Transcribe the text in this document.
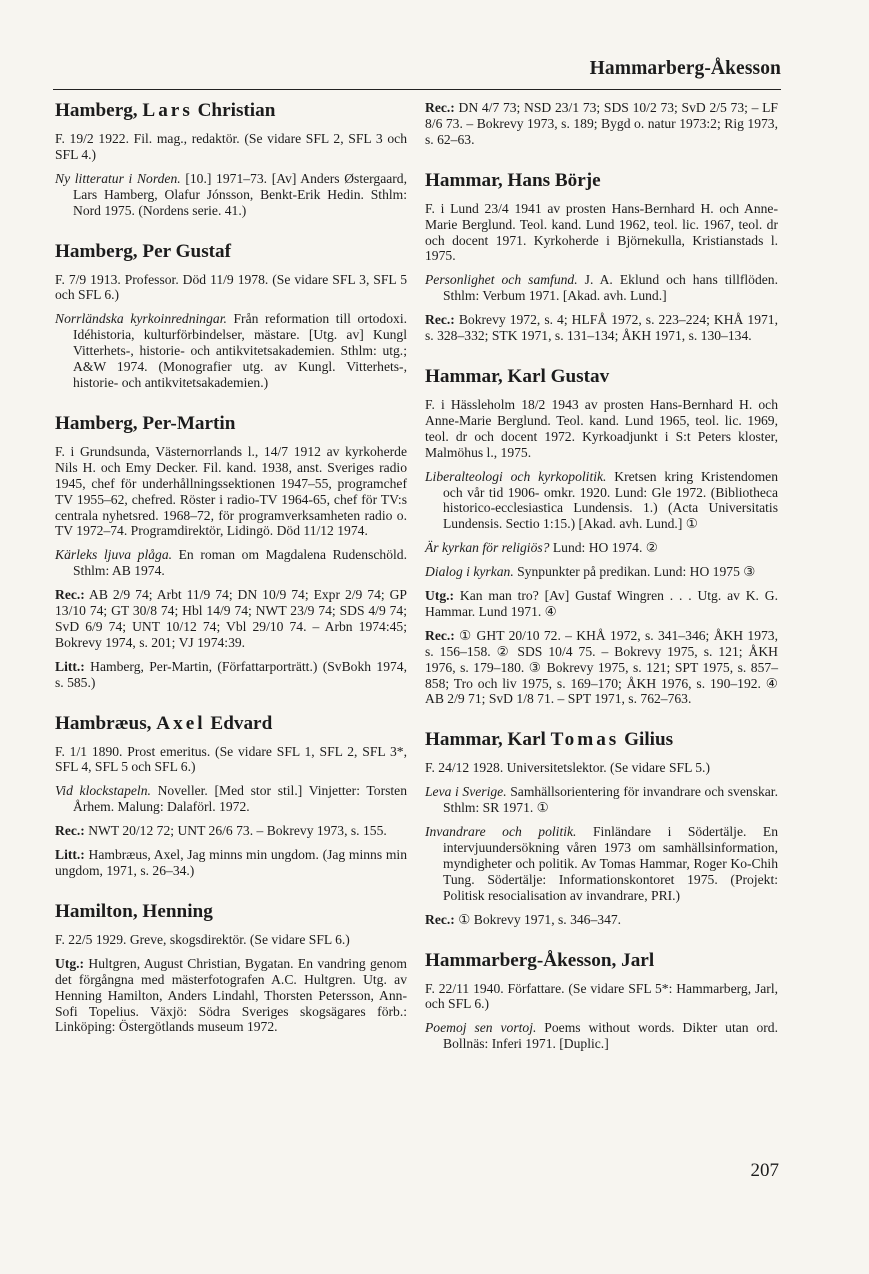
Hammarberg-Åkesson
Hamberg, Lars Christian

F. 19/2 1922. Fil. mag., redaktör. (Se vidare SFL 2, SFL 3 och SFL 4.)

Ny litteratur i Norden. [10.] 1971–73. [Av] Anders Østergaard, Lars Hamberg, Olafur Jónsson, Benkt-Erik Hedin. Sthlm: Nord 1975. (Nordens serie. 41.)

Hamberg, Per Gustaf

F. 7/9 1913. Professor. Död 11/9 1978. (Se vidare SFL 3, SFL 5 och SFL 6.)

Norrländska kyrkoinredningar. Från reformation till ortodoxi. Idéhistoria, kulturförbindelser, mästare. [Utg. av] Kungl Vitterhets-, historie- och antikvitetsakademien. Sthlm: utg.; A&W 1974. (Monografier utg. av Kungl. Vitterhets-, historie- och antikvitetsakademien.)

Hamberg, Per-Martin

F. i Grundsunda, Västernorrlands l., 14/7 1912 av kyrkoherde Nils H. och Emy Decker. Fil. kand. 1938, anst. Sveriges radio 1945, chef för underhållningssektionen 1947–55, programchef TV 1955–62, chefred. Röster i radio-TV 1964-65, chef för TV:s centrala nyhetsred. 1968–72, för programverksamheten radio o. TV 1972–74. Programdirektör, Lidingö. Död 11/12 1974.

Kärleks ljuva plåga. En roman om Magdalena Rudenschöld. Sthlm: AB 1974.

Rec.: AB 2/9 74; Arbt 11/9 74; DN 10/9 74; Expr 2/9 74; GP 13/10 74; GT 30/8 74; Hbl 14/9 74; NWT 23/9 74; SDS 4/9 74; SvD 6/9 74; UNT 10/12 74; Vbl 29/10 74. – Arbn 1974:45; Bokrevy 1974, s. 201; VJ 1974:39.

Litt.: Hamberg, Per-Martin, (Författarporträtt.) (SvBokh 1974, s. 585.)

Hambræus, Axel Edvard

F. 1/1 1890. Prost emeritus. (Se vidare SFL 1, SFL 2, SFL 3*, SFL 4, SFL 5 och SFL 6.)

Vid klockstapeln. Noveller. [Med stor stil.] Vinjetter: Torsten Århem. Malung: Dalaförl. 1972.

Rec.: NWT 20/12 72; UNT 26/6 73. – Bokrevy 1973, s. 155.

Litt.: Hambræus, Axel, Jag minns min ungdom. (Jag minns min ungdom, 1971, s. 26–34.)

Hamilton, Henning

F. 22/5 1929. Greve, skogsdirektör. (Se vidare SFL 6.)

Utg.: Hultgren, August Christian, Bygatan. En vandring genom det förgångna med mästerfotografen A.C. Hultgren. Utg. av Henning Hamilton, Anders Lindahl, Thorsten Petersson, Ann-Sofi Topelius. Växjö: Södra Sveriges skogsägares förb.: Linköping: Östergötlands museum 1972.

Rec.: DN 4/7 73; NSD 23/1 73; SDS 10/2 73; SvD 2/5 73; – LF 8/6 73. – Bokrevy 1973, s. 189; Bygd o. natur 1973:2; Rig 1973, s. 62–63.

Hammar, Hans Börje

F. i Lund 23/4 1941 av prosten Hans-Bernhard H. och Anne-Marie Berglund. Teol. kand. Lund 1962, teol. lic. 1967, teol. dr och docent 1971. Kyrkoherde i Björnekulla, Kristianstads l. 1975.

Personlighet och samfund. J. A. Eklund och hans tillflöden. Sthlm: Verbum 1971. [Akad. avh. Lund.]

Rec.: Bokrevy 1972, s. 4; HLFÅ 1972, s. 223–224; KHÅ 1971, s. 328–332; STK 1971, s. 131–134; ÅKH 1971, s. 130–134.

Hammar, Karl Gustav

F. i Hässleholm 18/2 1943 av prosten Hans-Bernhard H. och Anne-Marie Berglund. Teol. kand. Lund 1965, teol. lic. 1969, teol. dr och docent 1972. Kyrkoadjunkt i S:t Peters kloster, Malmöhus l., 1975.

Liberalteologi och kyrkopolitik. Kretsen kring Kristendomen och vår tid 1906- omkr. 1920. Lund: Gle 1972. (Bibliotheca historico-ecclesiastica Lundensis. 1.) (Acta Universitatis Lundensis. Sectio 1:15.) [Akad. avh. Lund.] ①

Är kyrkan för religiös? Lund: HO 1974. ②

Dialog i kyrkan. Synpunkter på predikan. Lund: HO 1975 ③

Utg.: Kan man tro? [Av] Gustaf Wingren . . . Utg. av K. G. Hammar. Lund 1971. ④

Rec.: ① GHT 20/10 72. – KHÅ 1972, s. 341–346; ÅKH 1973, s. 156–158. ② SDS 10/4 75. – Bokrevy 1975, s. 121; ÅKH 1976, s. 179–180. ③ Bokrevy 1975, s. 121; SPT 1975, s. 857–858; Tro och liv 1975, s. 169–170; ÅKH 1976, s. 190–192. ④ AB 2/9 71; SvD 1/8 71. – SPT 1971, s. 762–763.

Hammar, Karl Tomas Gilius

F. 24/12 1928. Universitetslektor. (Se vidare SFL 5.)

Leva i Sverige. Samhällsorientering för invandrare och svenskar. Sthlm: SR 1971. ①

Invandrare och politik. Finländare i Södertälje. En intervjuundersökning våren 1973 om samhällsinformation, myndigheter och politik. Av Tomas Hammar, Roger Ko-Chih Tung. Södertälje: Informationskontoret 1975. (Projekt: Politisk resocialisation av invandrare, PRI.)

Rec.: ① Bokrevy 1971, s. 346–347.

Hammarberg-Åkesson, Jarl

F. 22/11 1940. Författare. (Se vidare SFL 5*: Hammarberg, Jarl, och SFL 6.)

Poemoj sen vortoj. Poems without words. Dikter utan ord. Bollnäs: Inferi 1971. [Duplic.]

207
